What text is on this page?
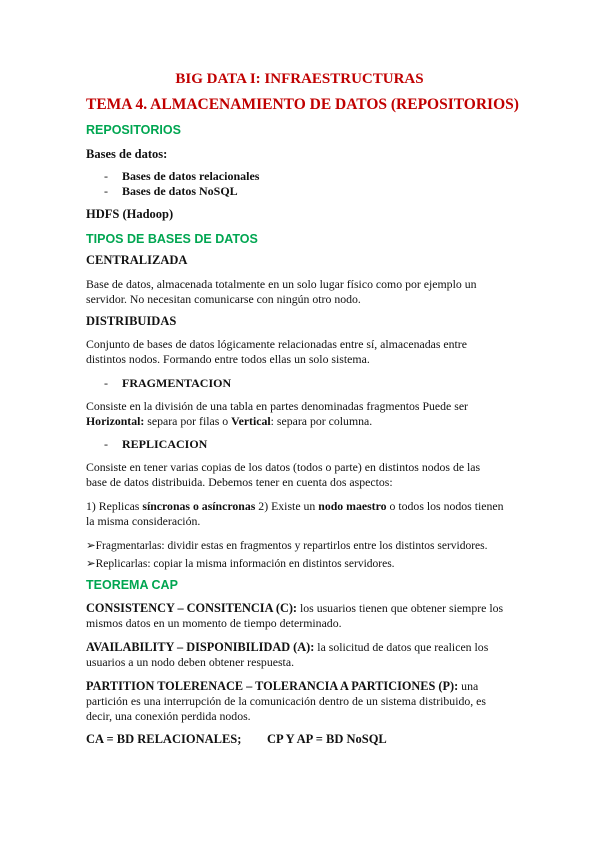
BIG DATA I: INFRAESTRUCTURAS
TEMA 4. ALMACENAMIENTO DE DATOS (REPOSITORIOS)
REPOSITORIOS
Bases de datos:
- Bases de datos relacionales
- Bases de datos NoSQL
HDFS (Hadoop)
TIPOS DE BASES DE DATOS
CENTRALIZADA
Base de datos, almacenada totalmente en un solo lugar físico como por ejemplo un
servidor. No necesitan comunicarse con ningún otro nodo.
DISTRIBUIDAS
Conjunto de bases de datos lógicamente relacionadas entre sí, almacenadas entre
distintos nodos. Formando entre todos ellas un solo sistema.
- FRAGMENTACION
Consiste en la división de una tabla en partes denominadas fragmentos Puede ser
Horizontal: separa por filas o Vertical: separa por columna.
- REPLICACION
Consiste en tener varias copias de los datos (todos o parte) en distintos nodos de las
base de datos distribuida. Debemos tener en cuenta dos aspectos:
1) Replicas síncronas o asíncronas 2) Existe un nodo maestro o todos los nodos tienen
la misma consideración.
➢Fragmentarlas: dividir estas en fragmentos y repartirlos entre los distintos servidores.
➢Replicarlas: copiar la misma información en distintos servidores.
TEOREMA CAP
CONSISTENCY – CONSITENCIA (C): los usuarios tienen que obtener siempre los
mismos datos en un momento de tiempo determinado.
AVAILABILITY – DISPONIBILIDAD (A): la solicitud de datos que realicen los
usuarios a un nodo deben obtener respuesta.
PARTITION TOLERENACE – TOLERANCIA A PARTICIONES (P): una
partición es una interrupción de la comunicación dentro de un sistema distribuido, es
decir, una conexión perdida nodos.
CA = BD RELACIONALES; CP Y AP = BD NoSQL
